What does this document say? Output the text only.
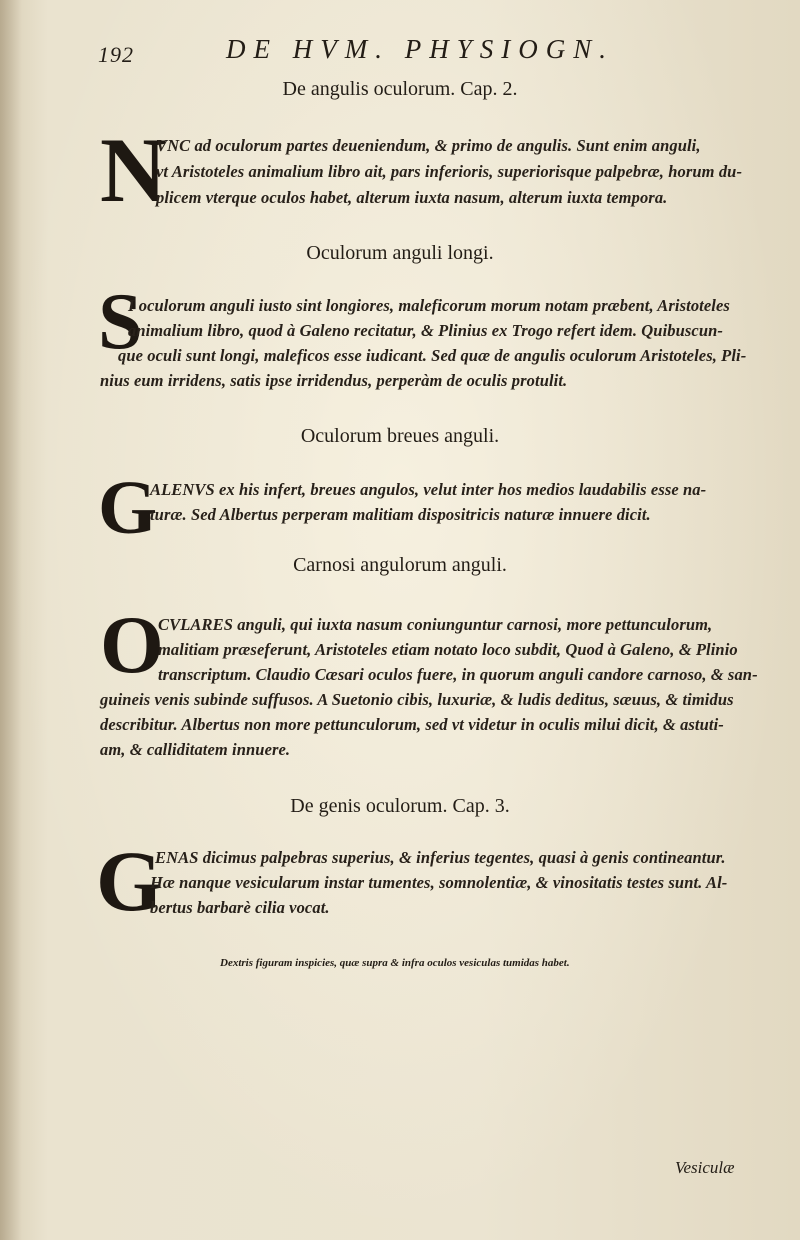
192	DE HVM. PHYSIOGN.
De angulis oculorum. Cap. 2.
N
VNC ad oculorum partes deueniendum, & primo de angulis. Sunt enim anguli,
vt Aristoteles animalium libro ait, pars inferioris, superiorisque palpebræ, horum du-
plicem vterque oculos habet, alterum iuxta nasum, alterum iuxta tempora.
Oculorum anguli longi.
S
I oculorum anguli iusto sint longiores, maleficorum morum notam præbent, Aristoteles
animalium libro, quod à Galeno recitatur, & Plinius ex Trogo refert idem. Quibuscun-
que oculi sunt longi, maleficos esse iudicant. Sed quæ de angulis oculorum Aristoteles, Pli-
nius eum irridens, satis ipse irridendus, perperàm de oculis protulit.
Oculorum breues anguli.
G
ALENVS ex his infert, breues angulos, velut inter hos medios laudabilis esse na-
turæ. Sed Albertus perperam malitiam dispositricis naturæ innuere dicit.
Carnosi angulorum anguli.
O
CVLARES anguli, qui iuxta nasum coniunguntur carnosi, more pettunculorum,
malitiam præseferunt, Aristoteles etiam notato loco subdit, Quod à Galeno, & Plinio
transcriptum. Claudio Cæsari oculos fuere, in quorum anguli candore carnoso, & san-
guineis venis subinde suffusos. A Suetonio cibis, luxuriæ, & ludis deditus, sæuus, & timidus
describitur. Albertus non more pettunculorum, sed vt videtur in oculis milui dicit, & astuti-
am, & calliditatem innuere.
De genis oculorum. Cap. 3.
G
ENAS dicimus palpebras superius, & inferius tegentes, quasi à genis contineantur.
Hæ nanque vesicularum instar tumentes, somnolentiæ, & vinositatis testes sunt. Al-
bertus barbarè cilia vocat.
Dextris figuram inspicies, quæ supra & infra oculos vesiculas tumidas habet.
Vesiculæ
